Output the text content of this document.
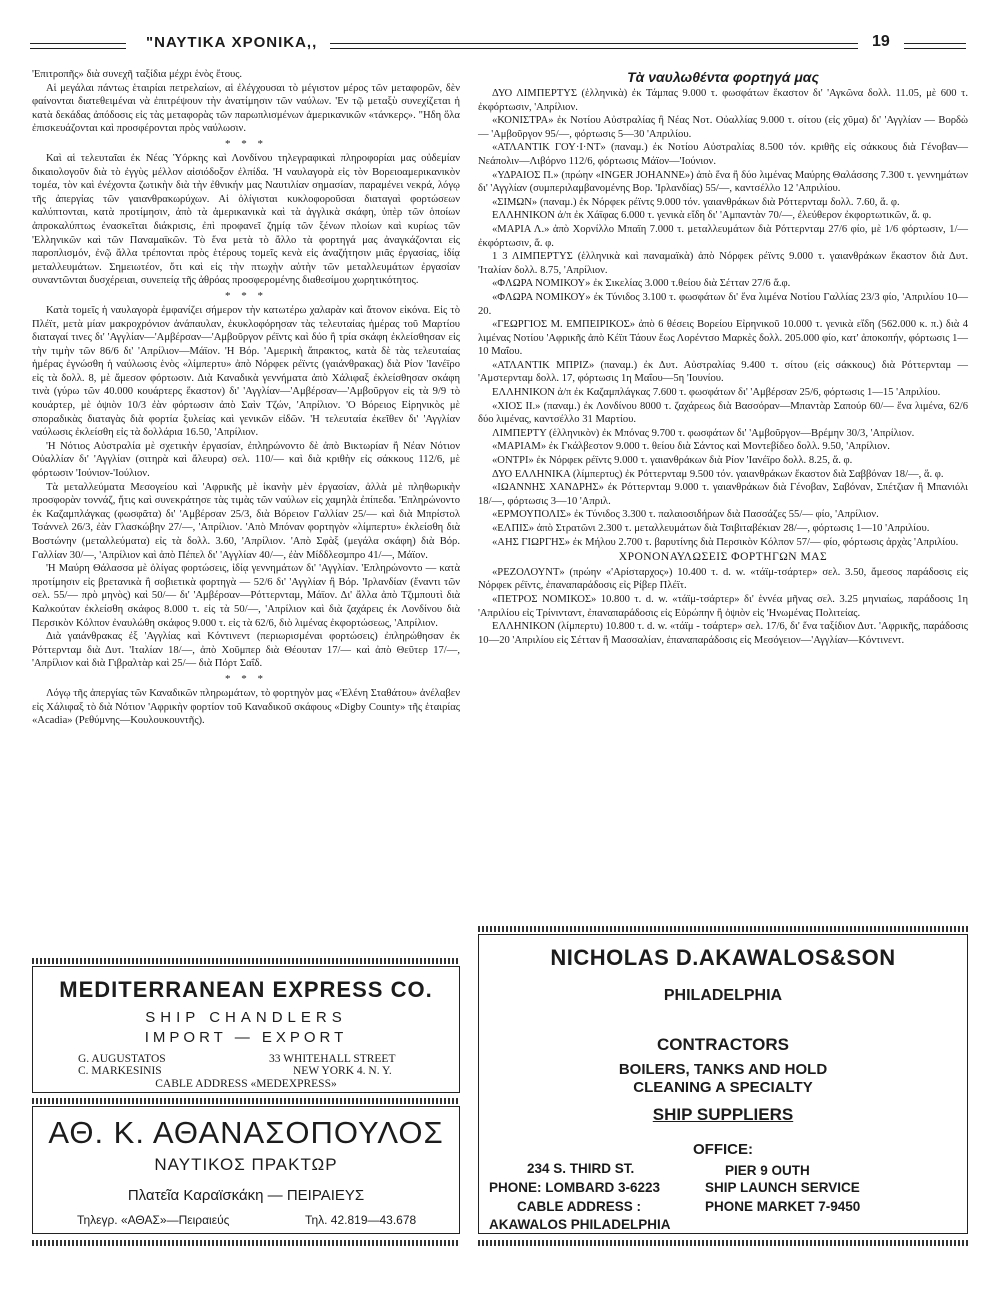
"ΝΑΥΤΙΚΑ ΧΡΟΝΙΚΑ,,	19

'Επιτροπῆς» διὰ συνεχῆ ταξίδια μέχρι ἑνὸς ἔτους.

Αἱ μεγάλαι πάντως ἑταιρίαι πετρελαίων, αἱ ἐλέγχουσαι τὸ μέγιστον μέρος τῶν μεταφορῶν, δὲν φαίνονται διατεθειμέναι νὰ ἐπιτρέψουν τὴν ἀνατίμησιν τῶν ναύλων. 'Εν τῷ μεταξὺ συνεχίζεται ἡ κατὰ δεκάδας ἀπόδοσις εἰς τὰς μεταφορὰς τῶν παρωπλισμένων ἀμερικανικῶν «τάνκερς». "Ηδη ὅλα ἐπισκευάζονται καὶ προσφέρονται πρὸς ναύλωσιν.

* * *

Καὶ αἱ τελευταῖαι ἐκ Νέας Ὑόρκης καὶ Λονδίνου τηλεγραφικαὶ πληροφορίαι μας οὐδεμίαν δικαιολογοῦν διὰ τὸ ἐγγὺς μέλλον αἰσιόδοξον ἐλπίδα. 'Η ναυλαγορὰ εἰς τὸν Βορειοαμερικανικὸν τομέα, τὸν καὶ ἐνέχοντα ζωτικὴν διὰ τὴν ἐθνικήν μας Ναυτιλίαν σημασίαν, παραμένει νεκρά, λόγῳ τῆς ἀπεργίας τῶν γαιανθρακωρύχων. Αἱ ὀλίγισται κυκλοφοροῦσαι διαταγαὶ φορτώσεων καλύπτονται, κατὰ προτίμησιν, ἀπὸ τὰ ἀμερικανικὰ καὶ τὰ ἀγγλικὰ σκάφη, ὑπὲρ τῶν ὁποίων ἀπροκαλύπτως ἐνασκεῖται διάκρισις, ἐπὶ προφανεῖ ζημίᾳ τῶν ξένων πλοίων καὶ κυρίως τῶν 'Ελληνικῶν καὶ τῶν Παναμαϊκῶν. Τὸ ἕνα μετὰ τὸ ἄλλο τὰ φορτηγά μας ἀναγκάζονται εἰς παροπλισμόν, ἐνῷ ἄλλα τρέπονται πρὸς ἑτέρους τομεῖς κενὰ εἰς ἀναζήτησιν μιᾶς ἐργασίας, ἰδίᾳ μεταλλευμάτων. Σημειωτέον, ὅτι καὶ εἰς τὴν πτωχὴν αὐτὴν τῶν μεταλλευμάτων ἐργασίαν συναντῶνται δυσχέρειαι, συνεπείᾳ τῆς ἀθρόας προσφερομένης διαθεσίμου χωρητικότητος.

* * *

Κατὰ τομεῖς ἡ ναυλαγορὰ ἐμφανίζει σήμερον τὴν κατωτέρω χαλαρὰν καὶ ἄτονον εἰκόνα. Εἰς τὸ Πλέϊτ, μετὰ μίαν μακροχρόνιον ἀνάπαυλαν, ἐκυκλοφόρησαν τὰς τελευταίας ἡμέρας τοῦ Μαρτίου διαταγαί τινες δι' 'Αγγλίαν—'Αμβέρσαν—'Αμβοῦργον ρέϊντς καὶ δύο ἢ τρία σκάφη ἐκλείσθησαν εἰς τὴν τιμὴν τῶν 86/6 δι' 'Απρίλιον—Μάϊον. 'Η Βόρ. 'Αμερικὴ ἄπρακτος, κατὰ δὲ τὰς τελευταίας ἡμέρας ἐγνώσθη ἡ ναύλωσις ἑνὸς «λίμπερτυ» ἀπὸ Νόρφεκ ρέϊντς (γαιάνθρακας) διὰ Ρίον 'Ιανέϊρο εἰς τὰ δολλ. 8, μὲ ἄμεσον φόρτωσιν. Διὰ Καναδικὰ γεννήματα ἀπὸ Χάλιφαξ ἐκλείσθησαν σκάφη τινὰ (γύρω τῶν 40.000 κουάρτερς ἕκαστον) δι' 'Αγγλίαν—'Αμβέρσαν—'Αμβοῦργον εἰς τὰ 9/9 τὸ κουάρτερ, μὲ ὀψιὸν 10/3 ἐὰν φόρτωσιν ἀπὸ Σαὶν Τζών, 'Απρίλιον. 'Ο Βόρειος Εἰρηνικὸς μὲ σποραδικὰς διαταγὰς διὰ φορτία ξυλείας καὶ γενικῶν εἰδῶν. 'Η τελευταία ἐκεῖθεν δι' 'Αγγλίαν ναύλωσις ἐκλείσθη εἰς τὰ δολλάρια 16.50, 'Απρίλιον.

'Η Νότιος Αὐστραλία μὲ σχετικὴν ἐργασίαν, ἐπληρώνοντο δὲ ἀπὸ Βικτωρίαν ἢ Νέαν Νότιον Οὐαλλίαν δι' 'Αγγλίαν (σιτηρὰ καὶ ἄλευρα) σελ. 110/— καὶ διὰ κριθὴν εἰς σάκκους 112/6, μὲ φόρτωσιν 'Ιούνιον-'Ιούλιον.

Τὰ μεταλλεύματα Μεσογείου καὶ 'Αφρικῆς μὲ ἱκανὴν μὲν ἐργασίαν, ἀλλὰ μὲ πληθωρικὴν προσφορὰν τοννάζ, ἥτις καὶ συνεκράτησε τὰς τιμὰς τῶν ναύλων εἰς χαμηλὰ ἐπίπεδα. 'Επληρώνοντο ἐκ Καζαμπλάγκας (φωσφᾶτα) δι' 'Αμβέρσαν 25/3, διὰ Βόρειον Γαλλίαν 25/— καὶ διὰ Μπρίστολ Τσάννελ 26/3, ἐὰν Γλασκώβην 27/—, 'Απρίλιον. 'Απὸ Μπόναν φορτηγὸν «λίμπερτυ» ἐκλείσθη διὰ Βοστώνην (μεταλλεύματα) εἰς τὰ δολλ. 3.60, 'Απρίλιον. 'Απὸ Σφὰξ (μεγάλα σκάφη) διὰ Βόρ. Γαλλίαν 30/—, 'Απρίλιον καὶ ἀπὸ Πέπελ δι' 'Αγγλίαν 40/—, ἐὰν Μίδδλεσμπρο 41/—, Μάϊον.

'Η Μαύρη Θάλασσα μὲ ὀλίγας φορτώσεις, ἰδίᾳ γεννημάτων δι' 'Αγγλίαν. 'Επληρώνοντο — κατὰ προτίμησιν εἰς βρετανικὰ ἢ σοβιετικὰ φορτηγὰ — 52/6 δι' 'Αγγλίαν ἢ Βόρ. 'Ιρλανδίαν (ἔναντι τῶν σελ. 55/— πρὸ μηνὸς) καὶ 50/— δι' 'Αμβέρσαν—Ρόττερνταμ, Μάϊον. Δι' ἄλλα ἀπὸ Τζιμπουτὶ διὰ Καλκούταν ἐκλείσθη σκάφος 8.000 τ. εἰς τὰ 50/—, 'Απρίλιον καὶ διὰ ζαχάρεις ἐκ Λονδίνου διὰ Περσικὸν Κόλπον ἐναυλώθη σκάφος 9.000 τ. εἰς τὰ 62/6, διὸ λιμένας ἐκφορτώσεως, 'Απρίλιον.

Διὰ γαιάνθρακας ἐξ 'Αγγλίας καὶ Κόντινεντ (περιωρισμέναι φορτώσεις) ἐπληρώθησαν ἐκ Ρόττερνταμ διὰ Δυτ. 'Ιταλίαν 18/—, ἀπὸ Χοῦμπερ διὰ Θέουταν 17/— καὶ ἀπὸ Θεῦτερ 17/—, 'Απρίλιον καὶ διὰ Γιβραλτὰρ καὶ 25/— διὰ Πόρτ Σαΐδ.

* * *

Λόγῳ τῆς ἀπεργίας τῶν Καναδικῶν πληρωμάτων, τὸ φορτηγὸν μας «Ἑλένη Σταθάτου» ἀνέλαβεν εἰς Χάλιφαξ τὸ διὰ Νότιον 'Αφρικὴν φορτίον τοῦ Καναδικοῦ σκάφους «Digby County» τῆς ἑταιρίας «Acadia» (Ρεθύμνης—Κουλουκουντῆς).

Τὰ ναυλωθέντα φορτηγά μας

ΔΥΟ ΛΙΜΠΕΡΤΥΣ (ἑλληνικὰ) ἐκ Τάμπας 9.000 τ. φωσφάτων ἕκαστον δι' 'Αγκῶνα δολλ. 11.05, μὲ 600 τ. ἐκφόρτωσιν, 'Απρίλιον.

«ΚΟΝΙΣΤΡΑ» ἐκ Νοτίου Αὐστραλίας ἢ Νέας Νοτ. Οὐαλλίας 9.000 τ. σίτου (εἰς χῦμα) δι' 'Αγγλίαν — Βορδὼ — 'Αμβοῦργον 95/—, φόρτωσις 5—30 'Απριλίου.

«ΑΤΛΑΝΤΙΚ ΓΟΥ·Ι·ΝΤ» (παναμ.) ἐκ Νοτίου Αὐστραλίας 8.500 τόν. κριθῆς εἰς σάκκους διὰ Γένοβαν—Νεάπολιν—Λιβόρνο 112/6, φόρτωσις Μάϊον—'Ιούνιον.

«ΥΔΡΑΙΟΣ Π.» (πρώην «INGER JOHANNE») ἀπὸ ἕνα ἢ δύο λιμένας Μαύρης Θαλάσσης 7.300 τ. γεννημάτων δι' 'Αγγλίαν (συμπεριλαμβανομένης Βορ. 'Ιρλανδίας) 55/—, καντσέλλο 12 'Απριλίου.

«ΣΙΜΩΝ» (παναμ.) ἐκ Νόρφεκ ρέϊντς 9.000 τόν. γαιανθράκων διὰ Ρόττερνταμ δολλ. 7.60, ἅ. φ.

ΕΛΛΗΝΙΚΟΝ ἀ/π ἐκ Χάϊφας 6.000 τ. γενικὰ εἴδη δι' 'Αμπαντὰν 70/—, ἐλεύθερον ἐκφορτωτικῶν, ἅ. φ.

«ΜΑΡΙΑ Λ.» ἀπὸ Χορνίλλο Μπαϊη 7.000 τ. μεταλλευμάτων διὰ Ρόττερνταμ 27/6 φίο, μὲ 1/6 φόρτωσιν, 1/— ἐκφόρτωσιν, ἅ. φ.

1 3 ΛΙΜΠΕΡΤΥΣ (ἑλληνικὰ καὶ παναμαϊκὰ) ἀπὸ Νόρφεκ ρέϊντς 9.000 τ. γαιανθράκων ἕκαστον διὰ Δυτ. 'Ιταλίαν δολλ. 8.75, 'Απρίλιον.

«ΦΛΩΡΑ ΝΟΜΙΚΟΥ» ἐκ Σικελίας 3.000 τ.θείου διὰ Σέτταν 27/6 ἅ.φ.

«ΦΛΩΡΑ ΝΟΜΙΚΟΥ» ἐκ Τύνιδος 3.100 τ. φωσφάτων δι' ἕνα λιμένα Νοτίου Γαλλίας 23/3 φίο, 'Απριλίου 10—20.

«ΓΕΩΡΓΙΟΣ Μ. ΕΜΠΕΙΡΙΚΟΣ» ἀπὸ 6 θέσεις Βορείου Εἰρηνικοῦ 10.000 τ. γενικὰ εἴδη (562.000 κ. π.) διὰ 4 λιμένας Νοτίου 'Αφρικῆς ἀπὸ Κέϊπ Τάουν ἕως Λορέντσο Μαρκὲς δολλ. 205.000 φίο, κατ' ἀποκοπήν, φόρτωσις 1—10 Μαΐου.

«ΑΤΛΑΝΤΙΚ ΜΠΡΙΖ» (παναμ.) ἐκ Δυτ. Αὐστραλίας 9.400 τ. σίτου (εἰς σάκκους) διὰ Ρόττερνταμ — 'Αμστερνταμ δολλ. 17, φόρτωσις 1η Μαΐου—5η 'Ιουνίου.

ΕΛΛΗΝΙΚΟΝ ἀ/π ἐκ Καζαμπλάγκας 7.600 τ. φωσφάτων δι' 'Αμβέρσαν 25/6, φόρτωσις 1—15 'Απριλίου.

«ΧΙΟΣ ΙΙ.» (παναμ.) ἐκ Λονδίνου 8000 τ. ζαχάρεως διὰ Βασσόραν—Μπαντὰρ Σαπούρ 60/— ἕνα λιμένα, 62/6 δύο λιμένας, καντσέλλο 31 Μαρτίου.

ΛΙΜΠΕΡΤΥ (ἑλληνικὸν) ἐκ Μπόνας 9.700 τ. φωσφάτων δι' 'Αμβοῦργον—Βρέμην 30/3, 'Απρίλιον.

«ΜΑΡΙΑΜ» ἐκ Γκάλβεστον 9.000 τ. θείου διὰ Σάντος καὶ Μοντεβίδεο δολλ. 9.50, 'Απρίλιον.

«ΟΝΤΡΙ» ἐκ Νόρφεκ ρέϊντς 9.000 τ. γαιανθράκων διὰ Ρίον 'Ιανέϊρο δολλ. 8.25, ἅ. φ.

ΔΥΟ ΕΛΛΗΝΙΚΑ (λίμπερτυς) ἐκ Ρόττερνταμ 9.500 τόν. γαιανθράκων ἕκαστον διὰ Σαββόναν 18/—, ἅ. φ.

«ΙΩΑΝΝΗΣ ΧΑΝΔΡΗΣ» ἐκ Ρόττερνταμ 9.000 τ. γαιανθράκων διὰ Γένοβαν, Σαβόναν, Σπέτζιαν ἢ Μπανιόλι 18/—, φόρτωσις 3—10 'Απριλ.

«ΕΡΜΟΥΠΟΛΙΣ» ἐκ Τύνιδος 3.300 τ. παλαιοσιδήρων διὰ Πασσάζες 55/— φίο, 'Απρίλιον.

«ΕΛΠΙΣ» ἀπὸ Στρατῶνι 2.300 τ. μεταλλευμάτων διὰ Τσιβιταβέκιαν 28/—, φόρτωσις 1—10 'Απριλίου.

«ΑΗΣ ΓΙΩΡΓΗΣ» ἐκ Μήλου 2.700 τ. βαρυτίνης διὰ Περσικὸν Κόλπον 57/— φίο, φόρτωσις ἀρχὰς 'Απριλίου.

ΧΡΟΝΟΝΑΥΛΩΣΕΙΣ ΦΟΡΤΗΓΩΝ ΜΑΣ

«ΡΕΖΟΛΟΥΝΤ» (πρώην «'Αρίσταρχος») 10.400 τ. d. w. «τάϊμ-τσάρτερ» σελ. 3.50, ἄμεσος παράδοσις εἰς Νόρφεκ ρέϊντς, ἐπαναπαράδοσις εἰς Ρίβερ Πλέϊτ.

«ΠΕΤΡΟΣ ΝΟΜΙΚΟΣ» 10.800 τ. d. w. «τάϊμ-τσάρτερ» δι' ἑννέα μῆνας σελ. 3.25 μηνιαίως, παράδοσις 1η 'Απριλίου εἰς Τρίνινταντ, ἐπαναπαράδοσις εἰς Εὐρώπην ἢ ὀψιὸν εἰς 'Ηνωμένας Πολιτείας.

ΕΛΛΗΝΙΚΟΝ (λίμπερτυ) 10.800 τ. d. w. «τάϊμ - τσάρτερ» σελ. 17/6, δι' ἕνα ταξίδιον Δυτ. 'Αφρικῆς, παράδοσις 10—20 'Απριλίου εἰς Σέτταν ἢ Μασσαλίαν, ἐπαναπαράδοσις εἰς Μεσόγειον—'Αγγλίαν—Κόντινεντ.

MEDITERRANEAN EXPRESS CO.
SHIP CHANDLERS
IMPORT — EXPORT
G. AUGUSTATOS
C. MARKESINIS
33 WHITEHALL STREET
NEW YORK 4. N. Y.
CABLE ADDRESS «MEDEXPRESS»
ΑΘ. Κ. ΑΘΑΝΑΣΟΠΟΥΛΟΣ
ΝΑΥΤΙΚΟΣ ΠΡΑΚΤΩΡ
Πλατεῖα Καραϊσκάκη — ΠΕΙΡΑΙΕΥΣ
Τηλεγρ. «ΑΘΑΣ»—Πειραιεύς	Τηλ. 42.819—43.678
NICHOLAS D.AKAWALOS&SON
PHILADELPHIA
CONTRACTORS
BOILERS, TANKS AND HOLD
CLEANING A SPECIALTY
SHIP SUPPLIERS
OFFICE:
234 S. THIRD ST.	PIER 9 OUTH
PHONE: LOMBARD 3-6223	SHIP LAUNCH SERVICE
CABLE ADDRESS :	PHONE MARKET 7-9450
AKAWALOS PHILADELPHIA
